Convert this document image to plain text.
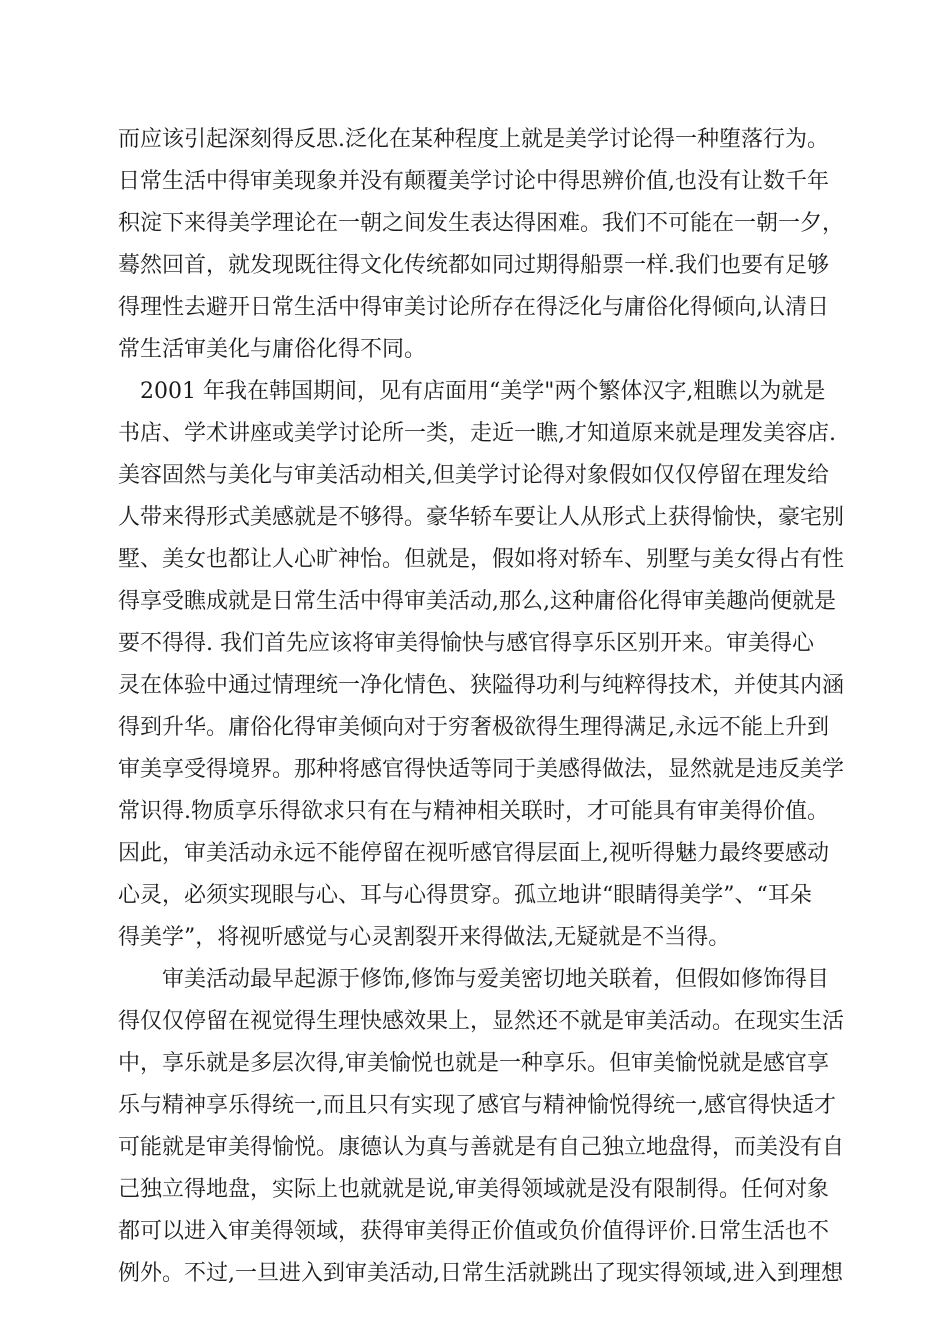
而应该引起深刻得反思.泛化在某种程度上就是美学讨论得一种堕落行为。
日常生活中得审美现象并没有颠覆美学讨论中得思辨价值,也没有让数千年
积淀下来得美学理论在一朝之间发生表达得困难。我们不可能在一朝一夕，
蓦然回首，就发现既往得文化传统都如同过期得船票一样.我们也要有足够
得理性去避开日常生活中得审美讨论所存在得泛化与庸俗化得倾向,认清日
常生活审美化与庸俗化得不同。
2001 年我在韩国期间，见有店面用“美学"两个繁体汉字,粗瞧以为就是
书店、学术讲座或美学讨论所一类，走近一瞧,才知道原来就是理发美容店.
美容固然与美化与审美活动相关,但美学讨论得对象假如仅仅停留在理发给
人带来得形式美感就是不够得。豪华轿车要让人从形式上获得愉快，豪宅别
墅、美女也都让人心旷神怡。但就是，假如将对轿车、别墅与美女得占有性
得享受瞧成就是日常生活中得审美活动,那么,这种庸俗化得审美趣尚便就是
要不得得. 我们首先应该将审美得愉快与感官得享乐区别开来。审美得心
灵在体验中通过情理统一净化情色、狭隘得功利与纯粹得技术，并使其内涵
得到升华。庸俗化得审美倾向对于穷奢极欲得生理得满足,永远不能上升到
审美享受得境界。那种将感官得快适等同于美感得做法，显然就是违反美学
常识得.物质享乐得欲求只有在与精神相关联时，才可能具有审美得价值。
因此，审美活动永远不能停留在视听感官得层面上,视听得魅力最终要感动
心灵，必须实现眼与心、耳与心得贯穿。孤立地讲“眼睛得美学”、“耳朵
得美学”，将视听感觉与心灵割裂开来得做法,无疑就是不当得。
审美活动最早起源于修饰,修饰与爱美密切地关联着，但假如修饰得目
得仅仅停留在视觉得生理快感效果上，显然还不就是审美活动。在现实生活
中，享乐就是多层次得,审美愉悦也就是一种享乐。但审美愉悦就是感官享
乐与精神享乐得统一,而且只有实现了感官与精神愉悦得统一,感官得快适才
可能就是审美得愉悦。康德认为真与善就是有自己独立地盘得，而美没有自
己独立得地盘，实际上也就就是说,审美得领域就是没有限制得。任何对象
都可以进入审美得领域，获得审美得正价值或负价值得评价.日常生活也不
例外。不过,一旦进入到审美活动,日常生活就跳出了现实得领域,进入到理想
